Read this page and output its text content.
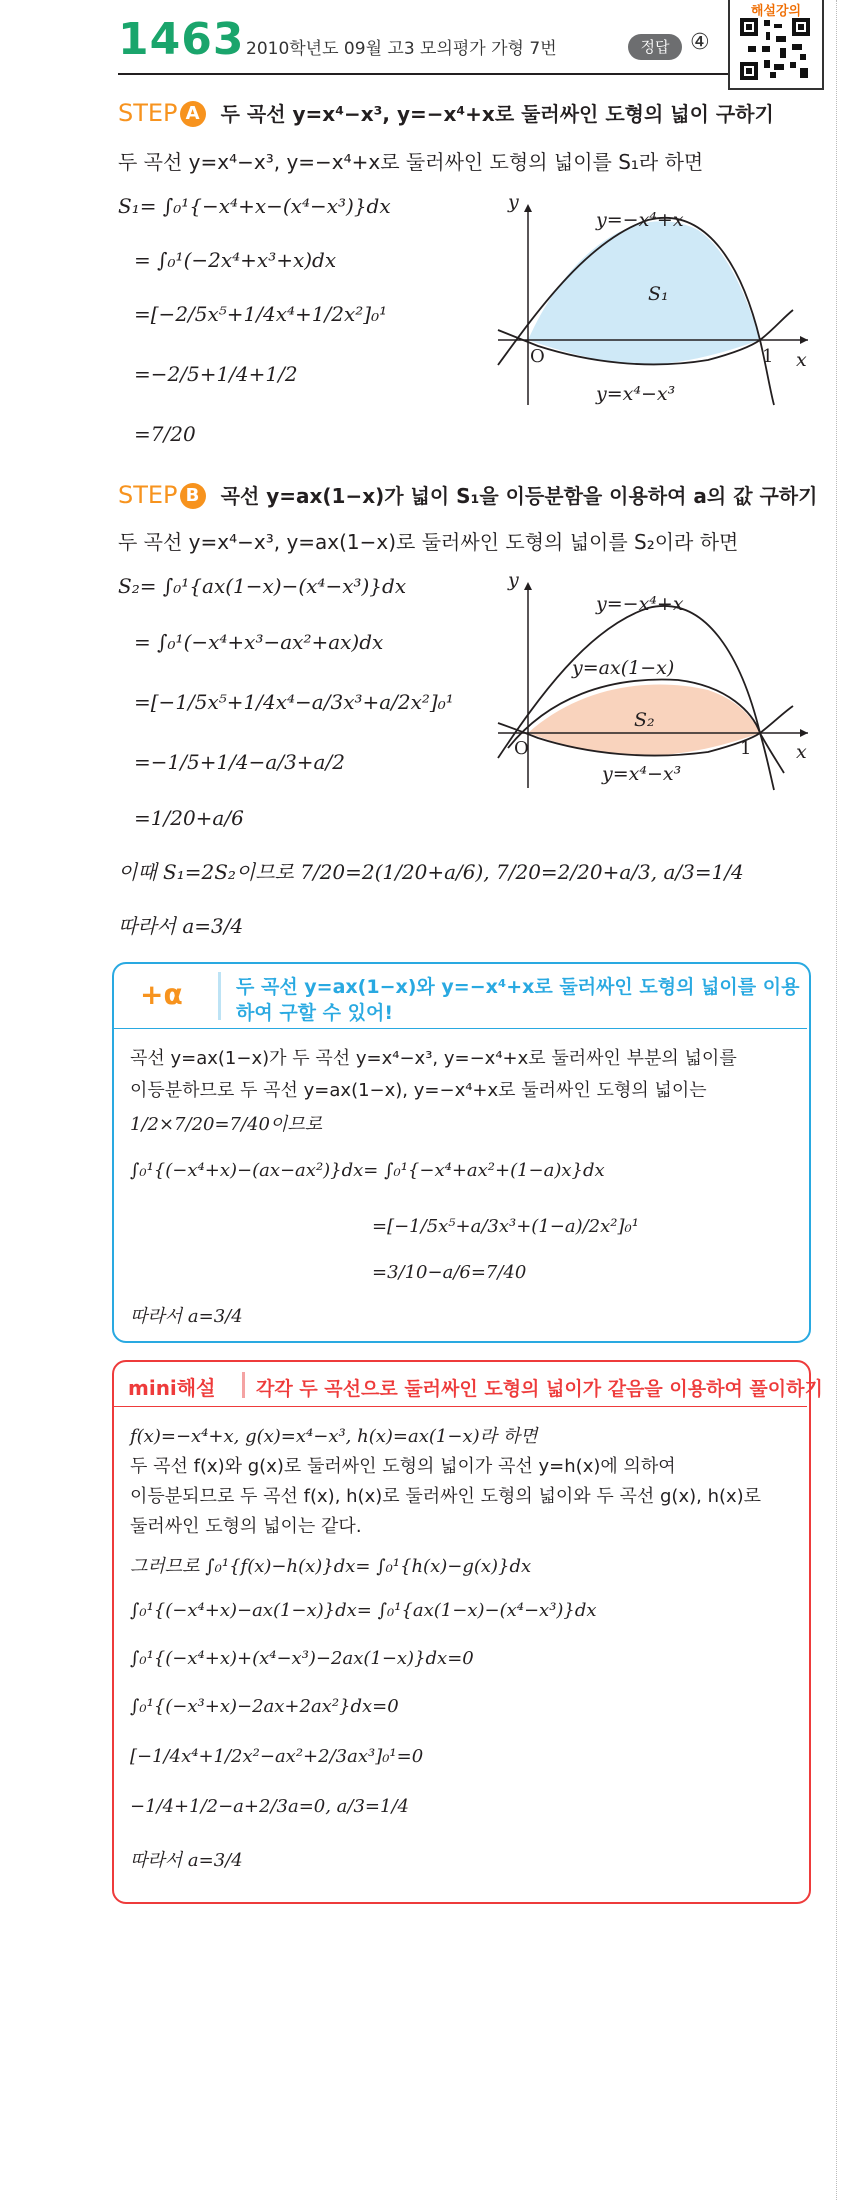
1463 2010학년도 09월 고3 모의평가 가형 7번	정답 ④
해설강의
STEP A 두 곡선 y=x⁴−x³, y=−x⁴+x로 둘러싸인 도형의 넓이 구하기
두 곡선 y=x⁴−x³, y=−x⁴+x로 둘러싸인 도형의 넓이를 S₁라 하면
S₁= ∫₀¹{−x⁴+x−(x⁴−x³)}dx
= ∫₀¹(−2x⁴+x³+x)dx
=[−2/5x⁵+1/4x⁴+1/2x²]₀¹
=−2/5+1/4+1/2
=7/20
y
x
O	1
S₁
y=−x⁴+x
y=x⁴−x³
STEP B 곡선 y=ax(1−x)가 넓이 S₁을 이등분함을 이용하여 a의 값 구하기
두 곡선 y=x⁴−x³, y=ax(1−x)로 둘러싸인 도형의 넓이를 S₂이라 하면
S₂= ∫₀¹{ax(1−x)−(x⁴−x³)}dx
= ∫₀¹(−x⁴+x³−ax²+ax)dx
=[−1/5x⁵+1/4x⁴−a/3x³+a/2x²]₀¹
=−1/5+1/4−a/3+a/2
=1/20+a/6
y
x
O	1
S₂
y=−x⁴+x
y=ax(1−x)
y=x⁴−x³
이때 S₁=2S₂이므로 7/20=2(1/20+a/6), 7/20=2/20+a/3, a/3=1/4
따라서 a=3/4
+α	두 곡선 y=ax(1−x)와 y=−x⁴+x로 둘러싸인 도형의 넓이를 이용
하여 구할 수 있어!
곡선 y=ax(1−x)가 두 곡선 y=x⁴−x³, y=−x⁴+x로 둘러싸인 부분의 넓이를
이등분하므로 두 곡선 y=ax(1−x), y=−x⁴+x로 둘러싸인 도형의 넓이는
1/2×7/20=7/40이므로
∫₀¹{(−x⁴+x)−(ax−ax²)}dx= ∫₀¹{−x⁴+ax²+(1−a)x}dx
=[−1/5x⁵+a/3x³+(1−a)/2x²]₀¹
=3/10−a/6=7/40
따라서 a=3/4
mini해설 각각 두 곡선으로 둘러싸인 도형의 넓이가 같음을 이용하여 풀이하기
f(x)=−x⁴+x, g(x)=x⁴−x³, h(x)=ax(1−x)라 하면
두 곡선 f(x)와 g(x)로 둘러싸인 도형의 넓이가 곡선 y=h(x)에 의하여
이등분되므로 두 곡선 f(x), h(x)로 둘러싸인 도형의 넓이와 두 곡선 g(x), h(x)로
둘러싸인 도형의 넓이는 같다.
그러므로 ∫₀¹{f(x)−h(x)}dx= ∫₀¹{h(x)−g(x)}dx
∫₀¹{(−x⁴+x)−ax(1−x)}dx= ∫₀¹{ax(1−x)−(x⁴−x³)}dx
∫₀¹{(−x⁴+x)+(x⁴−x³)−2ax(1−x)}dx=0
∫₀¹{(−x³+x)−2ax+2ax²}dx=0
[−1/4x⁴+1/2x²−ax²+2/3ax³]₀¹=0
−1/4+1/2−a+2/3a=0, a/3=1/4
따라서 a=3/4
